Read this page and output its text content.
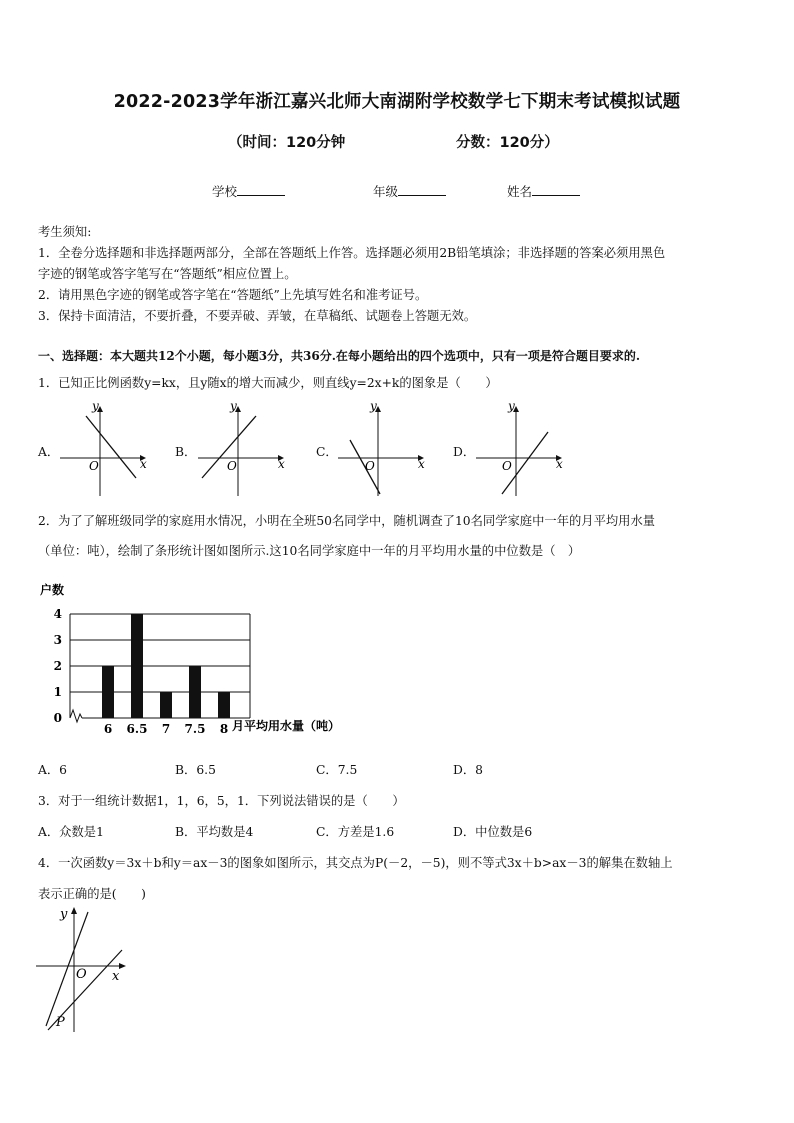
2022-2023学年浙江嘉兴北师大南湖附学校数学七下期末考试模拟试题
（时间：120分钟	分数：120分）
学校	年级	姓名
考生须知:
1．全卷分选择题和非选择题两部分，全部在答题纸上作答。选择题必须用2B铅笔填涂；非选择题的答案必须用黑色
字迹的钢笔或答字笔写在“答题纸”相应位置上。
2．请用黑色字迹的钢笔或答字笔在“答题纸”上先填写姓名和准考证号。
3．保持卡面清洁，不要折叠，不要弄破、弄皱，在草稿纸、试题卷上答题无效。
一、选择题：本大题共12个小题，每小题3分，共36分.在每小题给出的四个选项中，只有一项是符合题目要求的.
1．已知正比例函数y=kx，且y随x的增大而减少，则直线y=2x+k的图象是（　　）
A．
y
x
O
B．
y
x
O
C．
y
x
O
D．
y
x
O
2．为了了解班级同学的家庭用水情况，小明在全班50名同学中，随机调查了10名同学家庭中一年的月平均用水量
（单位：吨），绘制了条形统计图如图所示.这10名同学家庭中一年的月平均用水量的中位数是（　）
户数
0
1
2
3
4
6 6.5 7 7.5 8 月平均用水量（吨）
A．6	B．6.5	C．7.5	D．8
3．对于一组统计数据1，1，6，5，1．下列说法错误的是（　　）
A．众数是1	B．平均数是4	C．方差是1.6	D．中位数是6
4．一次函数y＝3x＋b和y＝ax－3的图象如图所示，其交点为P(－2，－5)，则不等式3x＋b>ax－3的解集在数轴上
表示正确的是(　　)
y
x
O
P
